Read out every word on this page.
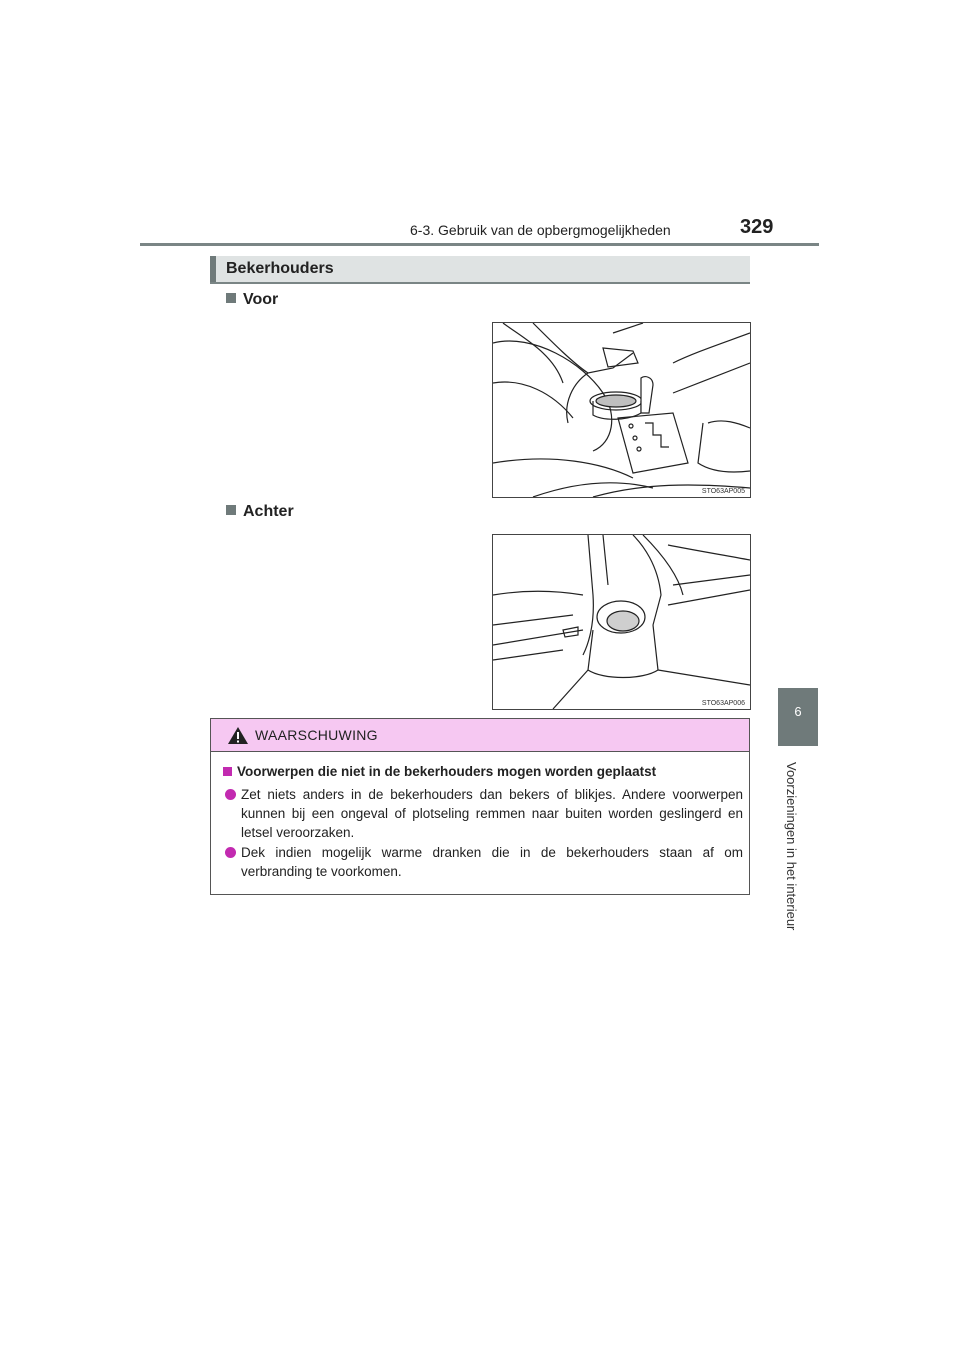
6-3. Gebruik van de opbergmogelijkheden	329
6
Voorzieningen in het interieur
Bekerhouders
Voor
STO63AP005
Achter
STO63AP006
WAARSCHUWING
Voorwerpen die niet in de bekerhouders mogen worden geplaatst

Zet niets anders in de bekerhouders dan bekers of blikjes. Andere voorwerpen kunnen bij een ongeval of plotseling remmen naar buiten worden geslingerd en letsel veroorzaken.

Dek indien mogelijk warme dranken die in de bekerhouders staan af om verbranding te voorkomen.
